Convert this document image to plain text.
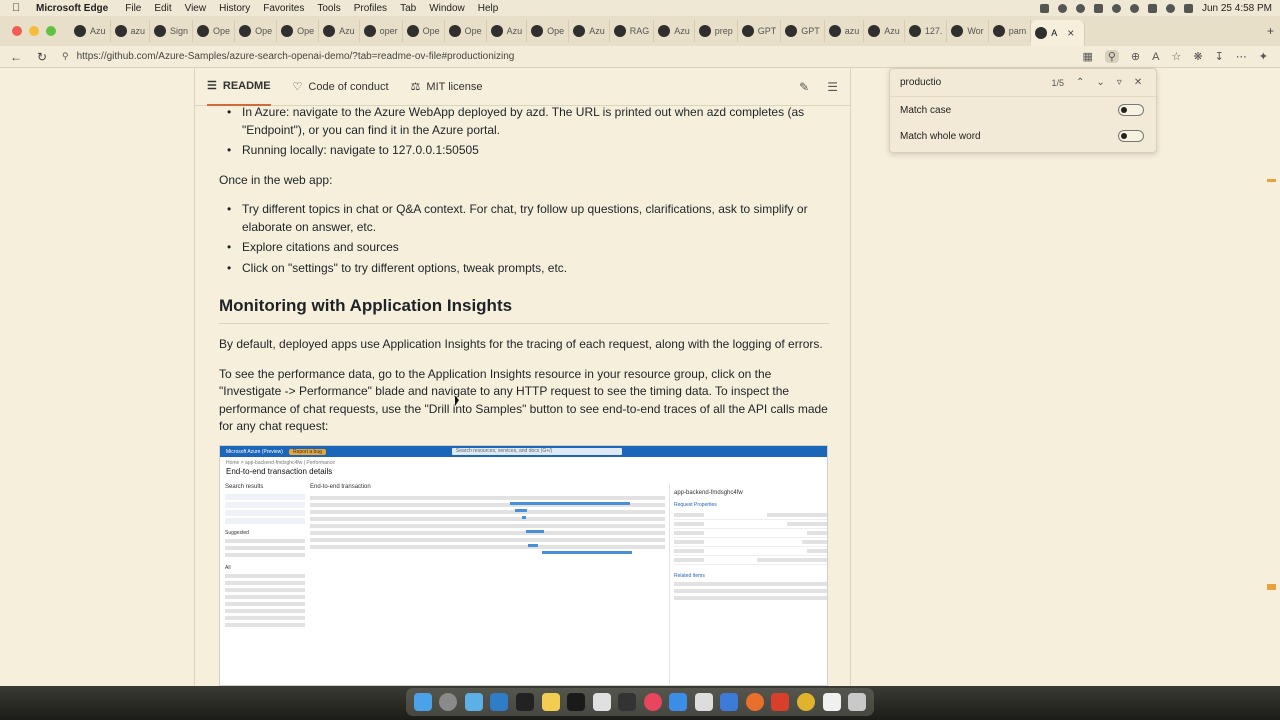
Microsoft Edge File Edit View History Favorites Tools Profiles Tab Window Help	Jun 25 4:58 PM
Azu	azu	Sign	Ope	Ope	Ope	Azu	oper	Ope	Ope	Azu	Ope	Azu	RAG	Azu	prep	GPT	GPT	azu	Azu	127.	Wor	pam	A ×	+
←	↻	⚲ https://github.com/Azure-Samples/azure-search-openai-demo/?tab=readme-ov-file#productionizing	▦ ⚲ ⊕ A ☆ ❋ ↧ ⋯ ✦
☰ README ♡ Code of conduct ⚖ MIT license	✎ ☰
• In Azure: navigate to the Azure WebApp deployed by azd. The URL is printed out when azd completes (as "Endpoint"), or you can find it in the Azure portal.
• Running locally: navigate to 127.0.0.1:50505

Once in the web app:

• Try different topics in chat or Q&A context. For chat, try follow up questions, clarifications, ask to simplify or elaborate on answer, etc.
• Explore citations and sources
• Click on "settings" to try different options, tweak prompts, etc.
Monitoring with Application Insights

By default, deployed apps use Application Insights for the tracing of each request, along with the logging of errors.

To see the performance data, go to the Application Insights resource in your resource group, click on the "Investigate -> Performance" blade and navigate to any HTTP request to see the timing data. To inspect the performance of chat requests, use the "Drill into Samples" button to see end-to-end traces of all the API calls made for any chat request:

Microsoft Azure (Preview)	Report a bug	Search resources, services, and docs (G+/)
Home > app-backend-fmdsghc4fw | Performance
End-to-end transaction details
Search results
Suggested
All
End-to-end transaction
app-backend-fmdsghc4fw
Request Properties
Related Items
productio
1/5 ⌃ ⌄ ▿ ✕
Match case
Match whole word
